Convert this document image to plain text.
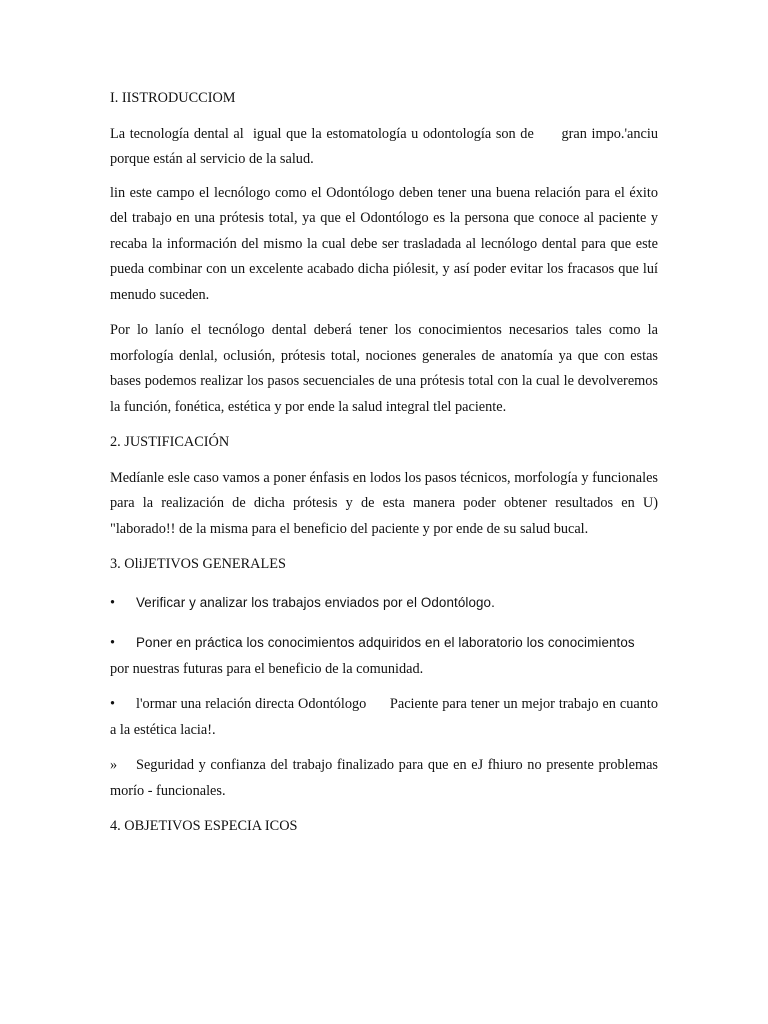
I. IISTRODUCCIOM

La tecnología dental al  igual que la estomatología u odontología son de      gran impo.'anciu porque están al servicio de la salud.

lin este campo el lecnólogo como el Odontólogo deben tener una buena relación para el éxito del trabajo en una prótesis total, ya que el Odontólogo es la persona que conoce al paciente y recaba la información del mismo la cual debe ser trasladada al lecnólogo dental para que este pueda combinar con un excelente acabado dicha piólesit, y así poder evitar los fracasos que luí menudo suceden.

Por lo lanío el tecnólogo dental deberá tener los conocimientos necesarios tales como la morfología denlal, oclusión, prótesis total, nociones generales de anatomía ya que con estas bases podemos realizar los pasos secuenciales de una prótesis total con la cual le devolveremos la función, fonética, estética y por ende la salud integral tlel paciente.

2. JUSTIFICACIÓN

Medíanle esle caso vamos a poner énfasis en lodos los pasos técnicos, morfología y funcionales para la realización de dicha prótesis y de esta manera poder obtener resultados en U) "laborado!! de la misma para el beneficio del paciente y por ende de su salud bucal.

3. OliJETIVOS GENERALES

• Verificar y analizar los trabajos enviados por el Odontólogo.

• Poner en práctica los conocimientos adquiridos en el laboratorio los conocimientos
por nuestras futuras para el beneficio de la comunidad.

• l'ormar una relación directa Odontólogo      Paciente para tener un mejor trabajo en cuanto a la estética lacia!.

» Seguridad y confianza del trabajo finalizado para que en eJ fhiuro no presente problemas morío - funcionales.

4. OBJETIVOS ESPECIA ICOS
